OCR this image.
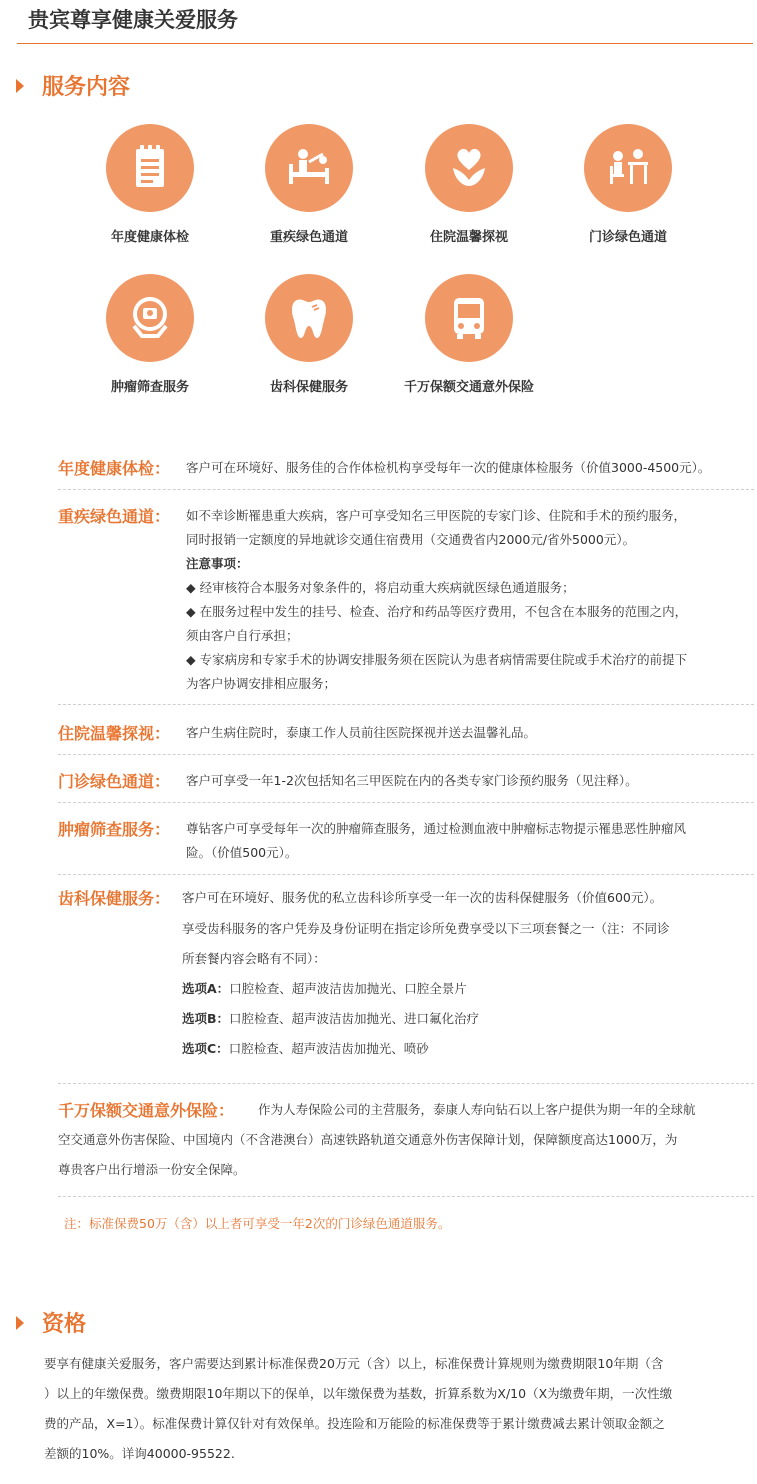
贵宾尊享健康关爱服务
服务内容
年度健康体检	重疾绿色通道	住院温馨探视	门诊绿色通道
肿瘤筛查服务	齿科保健服务	千万保额交通意外保险
年度健康体检： 客户可在环境好、服务佳的合作体检机构享受每年一次的健康体检服务（价值3000-4500元）。
重疾绿色通道： 如不幸诊断罹患重大疾病，客户可享受知名三甲医院的专家门诊、住院和手术的预约服务，
同时报销一定额度的异地就诊交通住宿费用（交通费省内2000元/省外5000元）。
注意事项：
◆ 经审核符合本服务对象条件的，将启动重大疾病就医绿色通道服务；
◆ 在服务过程中发生的挂号、检查、治疗和药品等医疗费用，不包含在本服务的范围之内，
须由客户自行承担；
◆ 专家病房和专家手术的协调安排服务须在医院认为患者病情需要住院或手术治疗的前提下
为客户协调安排相应服务；
住院温馨探视： 客户生病住院时，泰康工作人员前往医院探视并送去温馨礼品。
门诊绿色通道： 客户可享受一年1-2次包括知名三甲医院在内的各类专家门诊预约服务（见注释）。
肿瘤筛查服务： 尊钻客户可享受每年一次的肿瘤筛查服务，通过检测血液中肿瘤标志物提示罹患恶性肿瘤风
险。（价值500元）。
齿科保健服务： 客户可在环境好、服务优的私立齿科诊所享受一年一次的齿科保健服务（价值600元）。
享受齿科服务的客户凭券及身份证明在指定诊所免费享受以下三项套餐之一（注：不同诊
所套餐内容会略有不同）：
选项A：口腔检查、超声波洁齿加抛光、口腔全景片
选项B：口腔检查、超声波洁齿加抛光、进口氟化治疗
选项C：口腔检查、超声波洁齿加抛光、喷砂
千万保额交通意外保险： 作为人寿保险公司的主营服务，泰康人寿向钻石以上客户提供为期一年的全球航
空交通意外伤害保险、中国境内（不含港澳台）高速铁路轨道交通意外伤害保障计划，保障额度高达1000万，为
尊贵客户出行增添一份安全保障。
注：标准保费50万（含）以上者可享受一年2次的门诊绿色通道服务。
资格
要享有健康关爱服务，客户需要达到累计标准保费20万元（含）以上，标准保费计算规则为缴费期限10年期（含
）以上的年缴保费。缴费期限10年期以下的保单，以年缴保费为基数，折算系数为X/10（X为缴费年期，一次性缴
费的产品，X=1）。标准保费计算仅针对有效保单。投连险和万能险的标准保费等于累计缴费减去累计领取金额之
差额的10%。详询40000-95522.
